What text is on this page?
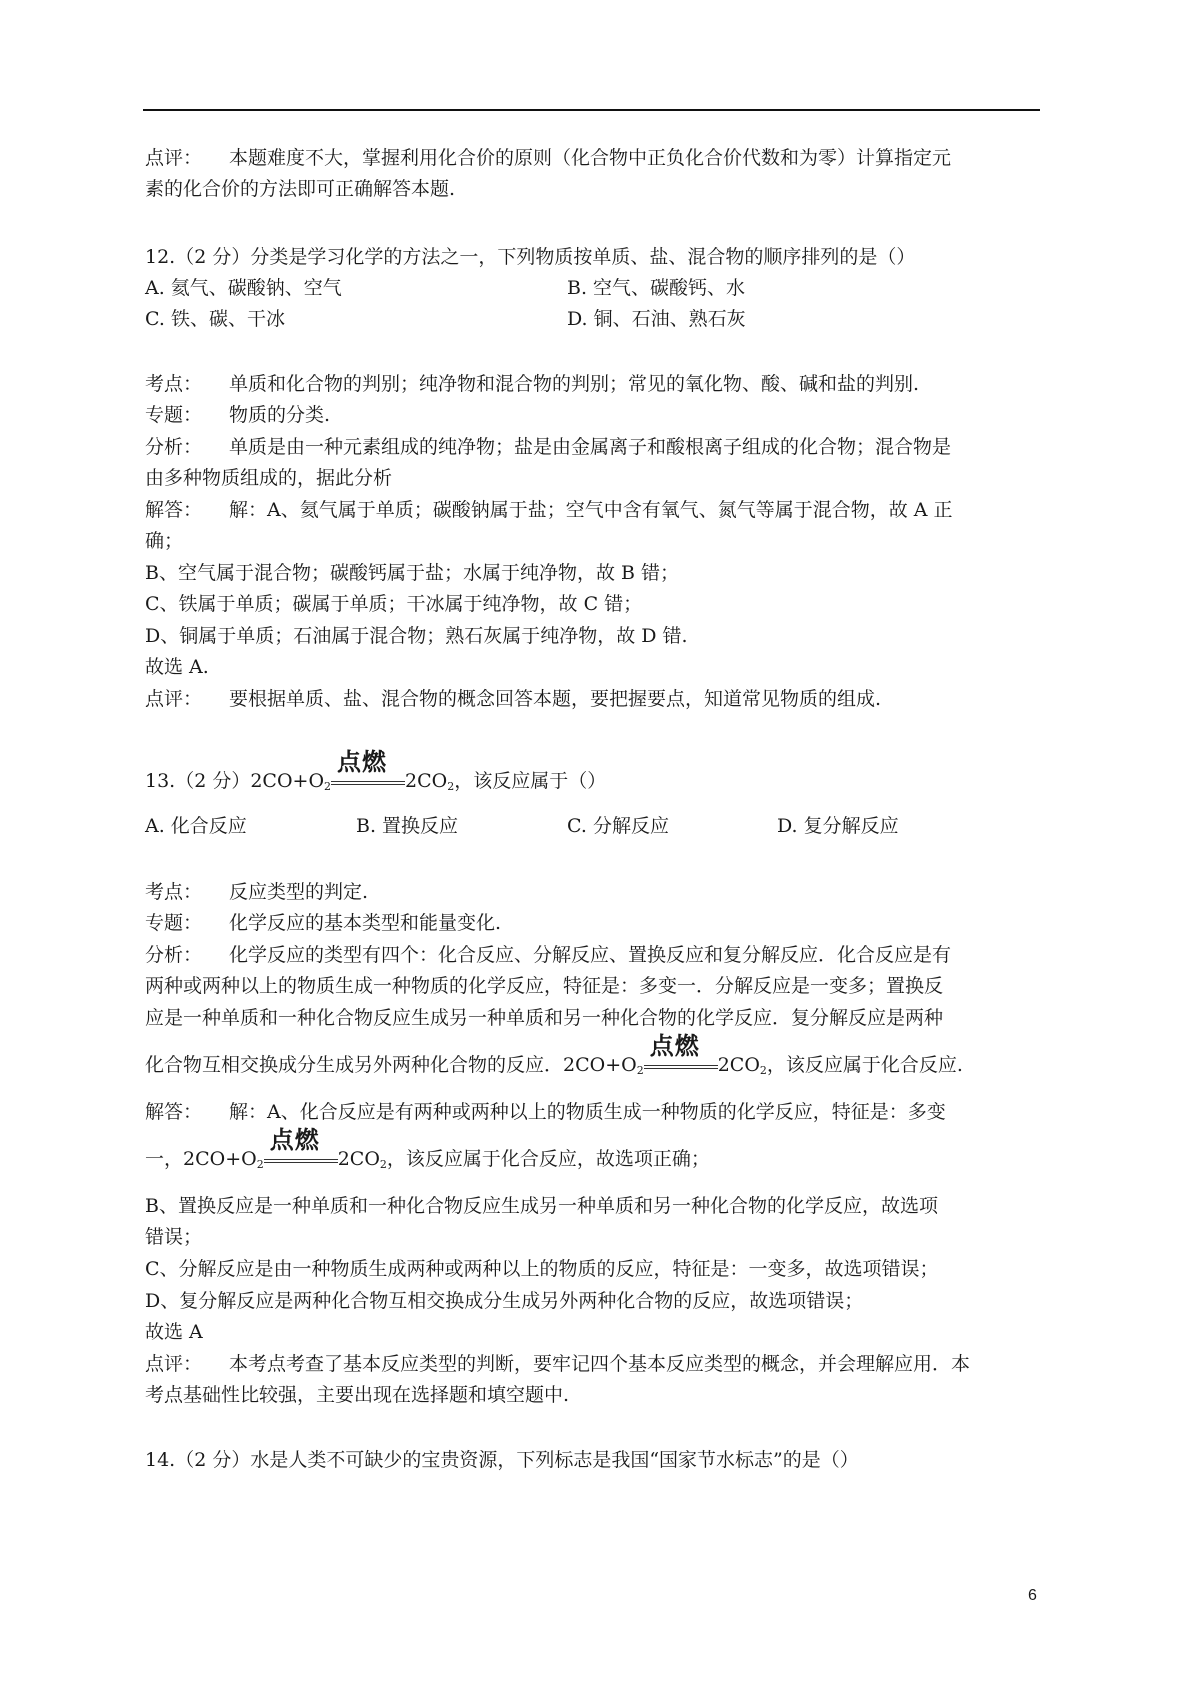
点评： 本题难度不大，掌握利用化合价的原则（化合物中正负化合价代数和为零）计算指定元
素的化合价的方法即可正确解答本题.
12.（2 分）分类是学习化学的方法之一，下列物质按单质、盐、混合物的顺序排列的是（）
A. 氦气、碳酸钠、空气	B. 空气、碳酸钙、水
C. 铁、碳、干冰	D. 铜、石油、熟石灰
考点： 单质和化合物的判别；纯净物和混合物的判别；常见的氧化物、酸、碱和盐的判别.
专题： 物质的分类.
分析： 单质是由一种元素组成的纯净物；盐是由金属离子和酸根离子组成的化合物；混合物是
由多种物质组成的，据此分析
解答： 解：A、氦气属于单质；碳酸钠属于盐；空气中含有氧气、氮气等属于混合物，故 A 正
确；
B、空气属于混合物；碳酸钙属于盐；水属于纯净物，故 B 错；
C、铁属于单质；碳属于单质；干冰属于纯净物，故 C 错；
D、铜属于单质；石油属于混合物；熟石灰属于纯净物，故 D 错.
故选 A.
点评： 要根据单质、盐、混合物的概念回答本题，要把握要点，知道常见物质的组成.
13.（2 分）$2CO+O_2$
点燃
$2CO_2$，该反应属于（）
A. 化合反应	B. 置换反应	C. 分解反应	D. 复分解反应
考点： 反应类型的判定.
专题： 化学反应的基本类型和能量变化.
分析： 化学反应的类型有四个：化合反应、分解反应、置换反应和复分解反应．化合反应是有
两种或两种以上的物质生成一种物质的化学反应，特征是：多变一．分解反应是一变多；置换反
应是一种单质和一种化合物反应生成另一种单质和另一种化合物的化学反应．复分解反应是两种
化合物互相交换成分生成另外两种化合物的反应．$2CO+O_2$
点燃
$2CO_2$，该反应属于化合反应.
解答： 解：A、化合反应是有两种或两种以上的物质生成一种物质的化学反应，特征是：多变
一，$2CO+O_2$
点燃
$2CO_2$，该反应属于化合反应，故选项正确；
B、置换反应是一种单质和一种化合物反应生成另一种单质和另一种化合物的化学反应，故选项
错误；
C、分解反应是由一种物质生成两种或两种以上的物质的反应，特征是：一变多，故选项错误；
D、复分解反应是两种化合物互相交换成分生成另外两种化合物的反应，故选项错误；
故选 A
点评： 本考点考查了基本反应类型的判断，要牢记四个基本反应类型的概念，并会理解应用．本
考点基础性比较强，主要出现在选择题和填空题中.
14.（2 分）水是人类不可缺少的宝贵资源，下列标志是我国“国家节水标志”的是（）
6
